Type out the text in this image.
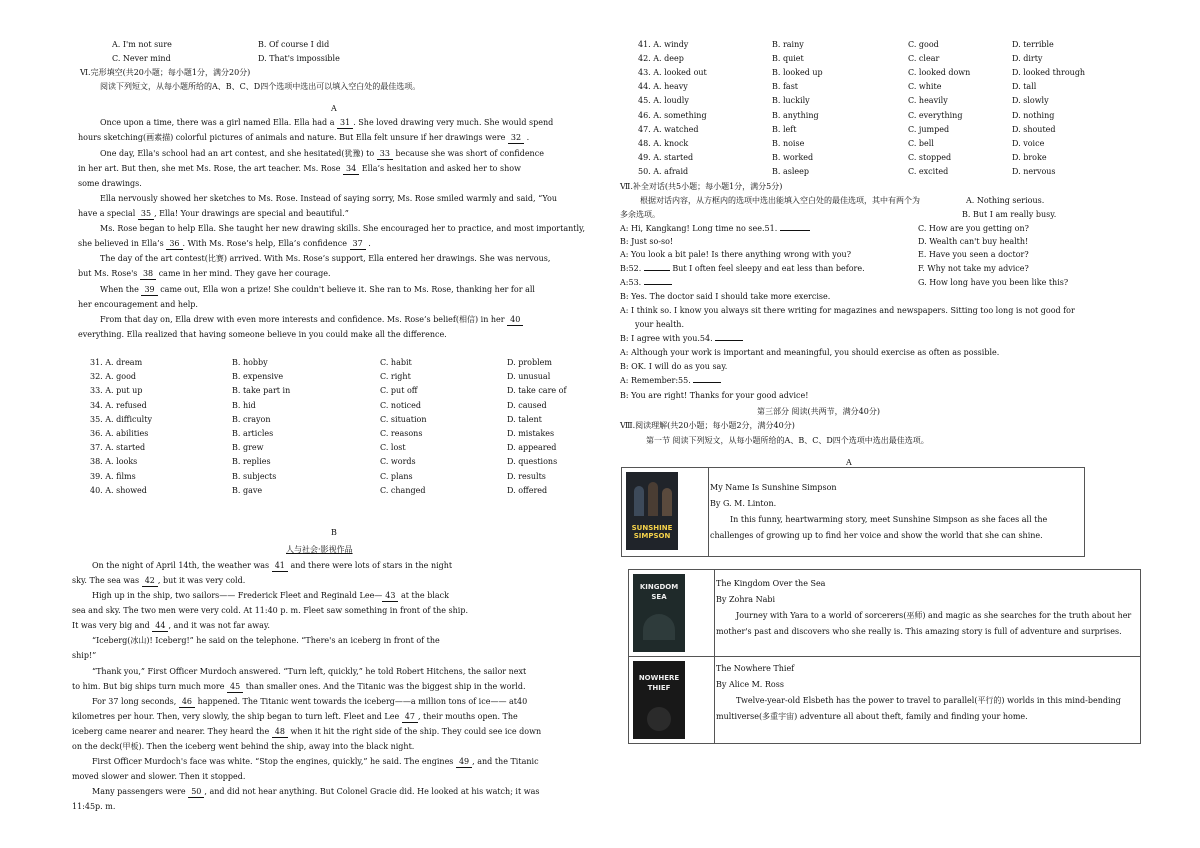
A. I'm not sure	B. Of course I did
C. Never mind	D. That's impossible
Ⅵ.完形填空(共20小题；每小题1分，满分20分)
阅读下列短文，从每小题所给的A、B、C、D四个选项中选出可以填入空白处的最佳选项。
A
Once upon a time, there was a girl named Ella. Ella had a 31 . She loved drawing very much. She would spend
hours sketching(画素描) colorful pictures of animals and nature. But Ella felt unsure if her drawings were 32 .
One day, Ella's school had an art contest, and she hesitated(犹豫) to 33 because she was short of confidence
in her art. But then, she met Ms. Rose, the art teacher. Ms. Rose 34 Ella’s hesitation and asked her to show
some drawings.
Ella nervously showed her sketches to Ms. Rose. Instead of saying sorry, Ms. Rose smiled warmly and said, “You
have a special 35 , Ella! Your drawings are special and beautiful.”
Ms. Rose began to help Ella. She taught her new drawing skills. She encouraged her to practice, and most importantly,
she believed in Ella’s 36 . With Ms. Rose’s help, Ella’s confidence 37 .
The day of the art contest(比赛) arrived. With Ms. Rose’s support, Ella entered her drawings. She was nervous,
but Ms. Rose's 38 came in her mind. They gave her courage.
When the 39 came out, Ella won a prize! She couldn't believe it. She ran to Ms. Rose, thanking her for all
her encouragement and help.
From that day on, Ella drew with even more interests and confidence. Ms. Rose’s belief(相信) in her 40
everything. Ella realized that having someone believe in you could make all the difference.
31. A. dream	B. hobby	C. habit	D. problem
32. A. good	B. expensive	C. right	D. unusual
33. A. put up	B. take part in	C. put off	D. take care of
34. A. refused	B. hid	C. noticed	D. caused
35. A. difficulty	B. crayon	C. situation	D. talent
36. A. abilities	B. articles	C. reasons	D. mistakes
37. A. started	B. grew	C. lost	D. appeared
38. A. looks	B. replies	C. words	D. questions
39. A. films	B. subjects	C. plans	D. results
40. A. showed	B. gave	C. changed	D. offered
B
人与社会·影视作品
On the night of April 14th, the weather was 41 and there were lots of stars in the night
sky. The sea was 42 , but it was very cold.
High up in the ship, two sailors—— Frederick Fleet and Reginald Lee— 43 at the black
sea and sky. The two men were very cold. At 11:40 p. m. Fleet saw something in front of the ship.
It was very big and 44 , and it was not far away.
“Iceberg(冰山)! Iceberg!” he said on the telephone. “There's an iceberg in front of the
ship!”
“Thank you,” First Officer Murdoch answered. “Turn left, quickly,” he told Robert Hitchens, the sailor next
to him. But big ships turn much more 45 than smaller ones. And the Titanic was the biggest ship in the world.
For 37 long seconds, 46 happened. The Titanic went towards the iceberg——a million tons of ice—— at40
kilometres per hour. Then, very slowly, the ship began to turn left. Fleet and Lee 47 , their mouths open. The
iceberg came nearer and nearer. They heard the 48 when it hit the right side of the ship. They could see ice down
on the deck(甲板). Then the iceberg went behind the ship, away into the black night.
First Officer Murdoch's face was white. “Stop the engines, quickly,” he said. The engines 49 , and the Titanic
moved slower and slower. Then it stopped.
Many passengers were 50 , and did not hear anything. But Colonel Gracie did. He looked at his watch; it was
11:45p. m.
41. A. windy	B. rainy	C. good	D. terrible
42. A. deep	B. quiet	C. clear	D. dirty
43. A. looked out	B. looked up	C. looked down	D. looked through
44. A. heavy	B. fast	C. white	D. tall
45. A. loudly	B. luckily	C. heavily	D. slowly
46. A. something	B. anything	C. everything	D. nothing
47. A. watched	B. left	C. jumped	D. shouted
48. A. knock	B. noise	C. bell	D. voice
49. A. started	B. worked	C. stopped	D. broke
50. A. afraid	B. asleep	C. excited	D. nervous
Ⅶ.补全对话(共5小题；每小题1分，满分5分)
根据对话内容，从方框内的选项中选出能填入空白处的最佳选项，其中有两个为
多余选项。
A. Nothing serious.
B. But I am really busy.
C. How are you getting on?
D. Wealth can't buy health!
E. Have you seen a doctor?
F. Why not take my advice?
G. How long have you been like this?
A: Hi, Kangkang! Long time no see.51.
B: Just so-so!
A: You look a bit pale! Is there anything wrong with you?
B:52.	But I often feel sleepy and eat less than before.
A:53.
B: Yes. The doctor said I should take more exercise.
A: I think so. I know you always sit there writing for magazines and newspapers. Sitting too long is not good for
your health.
B: I agree with you.54.
A: Although your work is important and meaningful, you should exercise as often as possible.
B: OK. I will do as you say.
A: Remember:55.
B: You are right! Thanks for your good advice!
第三部分 阅读(共两节，满分40分)
Ⅷ.阅读理解(共20小题；每小题2分，满分40分)
第一节 阅读下列短文，从每小题所给的A、B、C、D四个选项中选出最佳选项。
A
SUNSHINE SIMPSON
My Name Is Sunshine Simpson
By G. M. Linton.
In this funny, heartwarming story, meet Sunshine Simpson as she faces all the challenges of growing up to find her voice and show the world that she can shine.
KINGDOM SEA
The Kingdom Over the Sea
By Zohra Nabi
Journey with Yara to a world of sorcerers(巫师) and magic as she searches for the truth about her mother's past and discovers who she really is. This amazing story is full of adventure and surprises.
NOWHERE THIEF
The Nowhere Thief
By Alice M. Ross
Twelve-year-old Elsbeth has the power to travel to parallel(平行的) worlds in this mind-bending multiverse(多重宇宙) adventure all about theft, family and finding your home.
